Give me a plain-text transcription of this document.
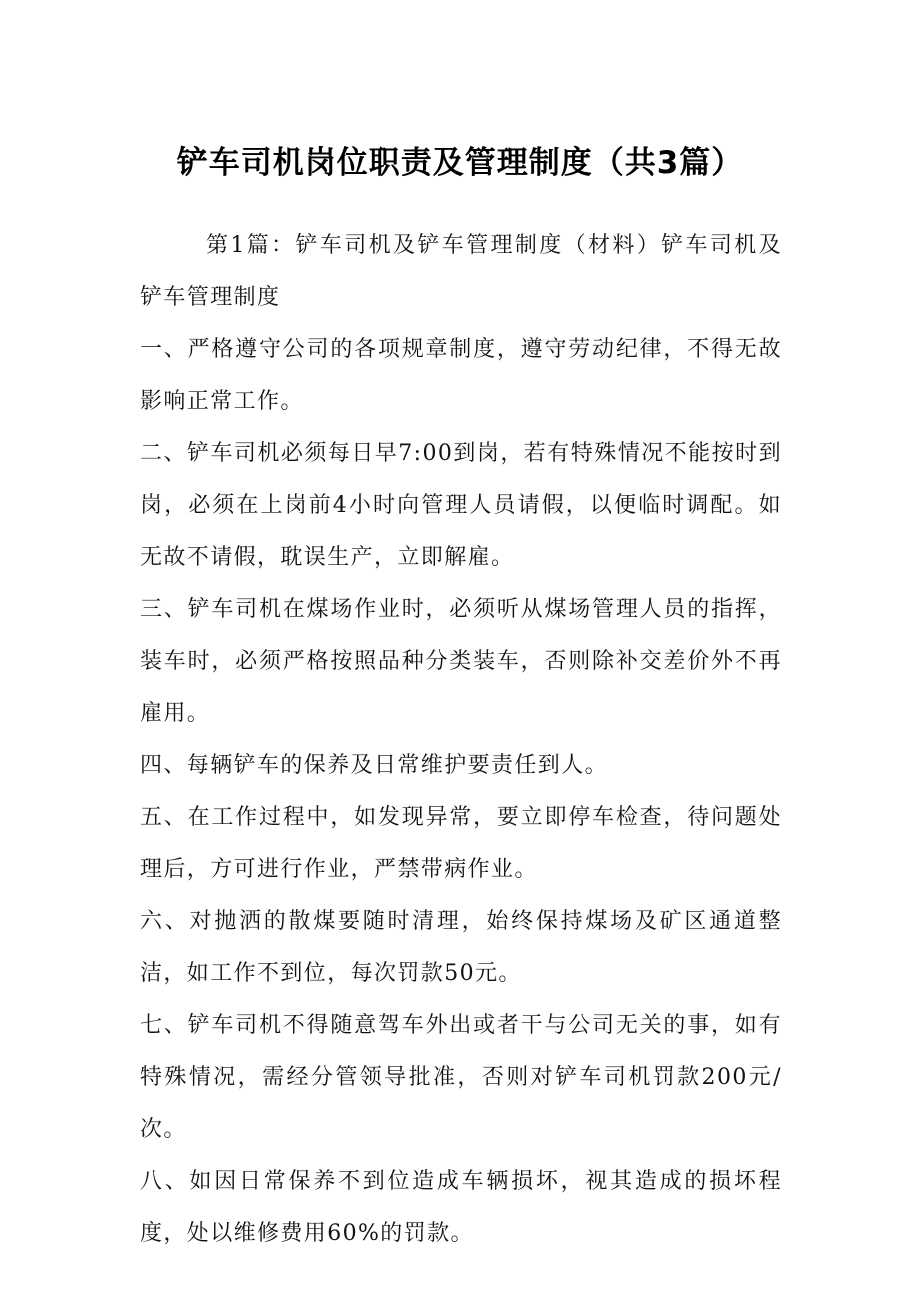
铲车司机岗位职责及管理制度（共3篇）

第1篇：铲车司机及铲车管理制度（材料）铲车司机及铲车管理制度

一、严格遵守公司的各项规章制度，遵守劳动纪律，不得无故影响正常工作。

二、铲车司机必须每日早7:00到岗，若有特殊情况不能按时到岗，必须在上岗前4小时向管理人员请假，以便临时调配。如无故不请假，耽误生产，立即解雇。

三、铲车司机在煤场作业时，必须听从煤场管理人员的指挥，装车时，必须严格按照品种分类装车，否则除补交差价外不再雇用。

四、每辆铲车的保养及日常维护要责任到人。

五、在工作过程中，如发现异常，要立即停车检查，待问题处理后，方可进行作业，严禁带病作业。

六、对抛洒的散煤要随时清理，始终保持煤场及矿区通道整洁，如工作不到位，每次罚款50元。

七、铲车司机不得随意驾车外出或者干与公司无关的事，如有特殊情况，需经分管领导批准，否则对铲车司机罚款200元/次。

八、如因日常保养不到位造成车辆损坏，视其造成的损坏程度，处以维修费用60%的罚款。
